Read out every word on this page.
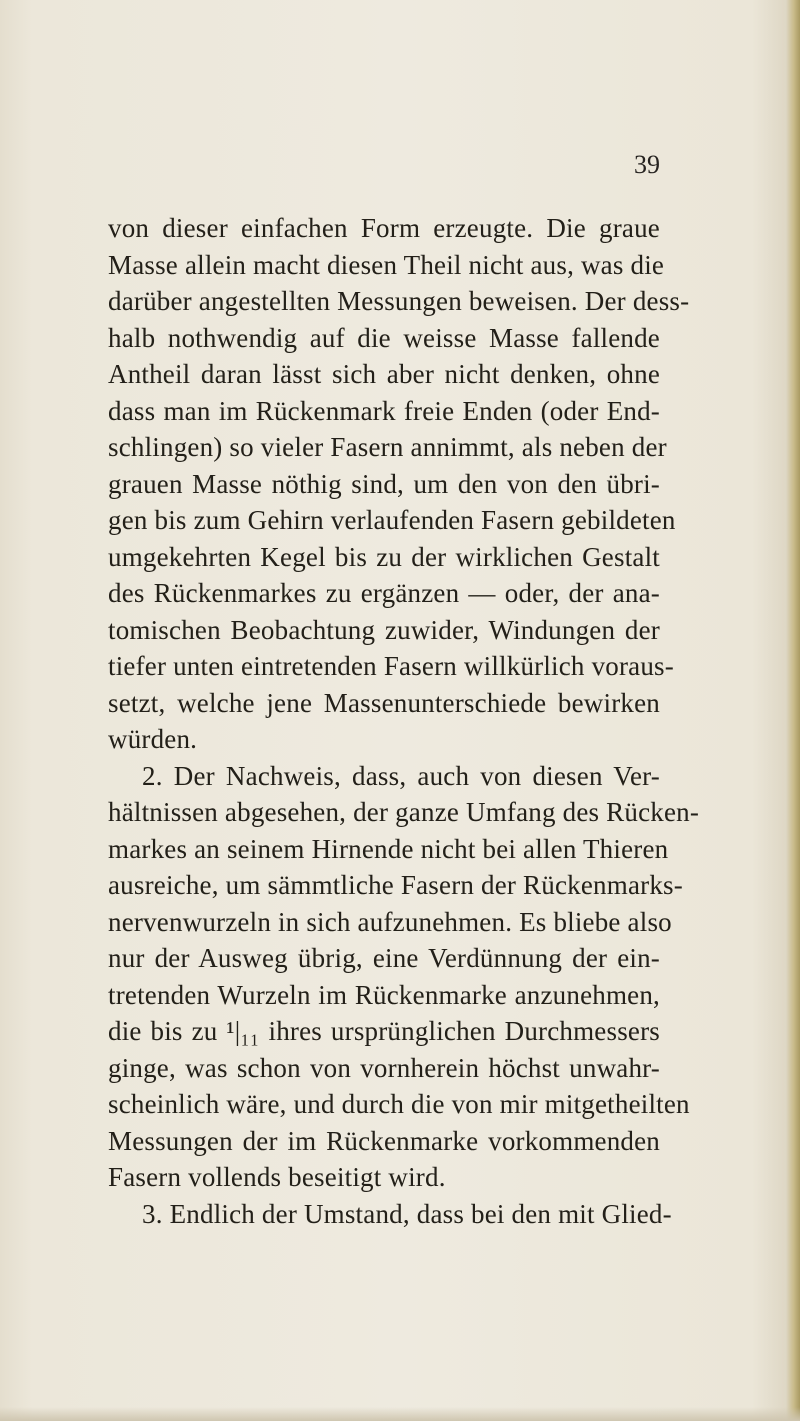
39

von dieser einfachen Form erzeugte. Die graue
Masse allein macht diesen Theil nicht aus, was die
darüber angestellten Messungen beweisen. Der dess-
halb nothwendig auf die weisse Masse fallende
Antheil daran lässt sich aber nicht denken, ohne
dass man im Rückenmark freie Enden (oder End-
schlingen) so vieler Fasern annimmt, als neben der
grauen Masse nöthig sind, um den von den übri-
gen bis zum Gehirn verlaufenden Fasern gebildeten
umgekehrten Kegel bis zu der wirklichen Gestalt
des Rückenmarkes zu ergänzen — oder, der ana-
tomischen Beobachtung zuwider, Windungen der
tiefer unten eintretenden Fasern willkürlich voraus-
setzt, welche jene Massenunterschiede bewirken
würden.
2. Der Nachweis, dass, auch von diesen Ver-
hältnissen abgesehen, der ganze Umfang des Rücken-
markes an seinem Hirnende nicht bei allen Thieren
ausreiche, um sämmtliche Fasern der Rückenmarks-
nervenwurzeln in sich aufzunehmen. Es bliebe also
nur der Ausweg übrig, eine Verdünnung der ein-
tretenden Wurzeln im Rückenmarke anzunehmen,
die bis zu ¹|₁₁ ihres ursprünglichen Durchmessers
ginge, was schon von vornherein höchst unwahr-
scheinlich wäre, und durch die von mir mitgetheilten
Messungen der im Rückenmarke vorkommenden
Fasern vollends beseitigt wird.
3. Endlich der Umstand, dass bei den mit Glied-
